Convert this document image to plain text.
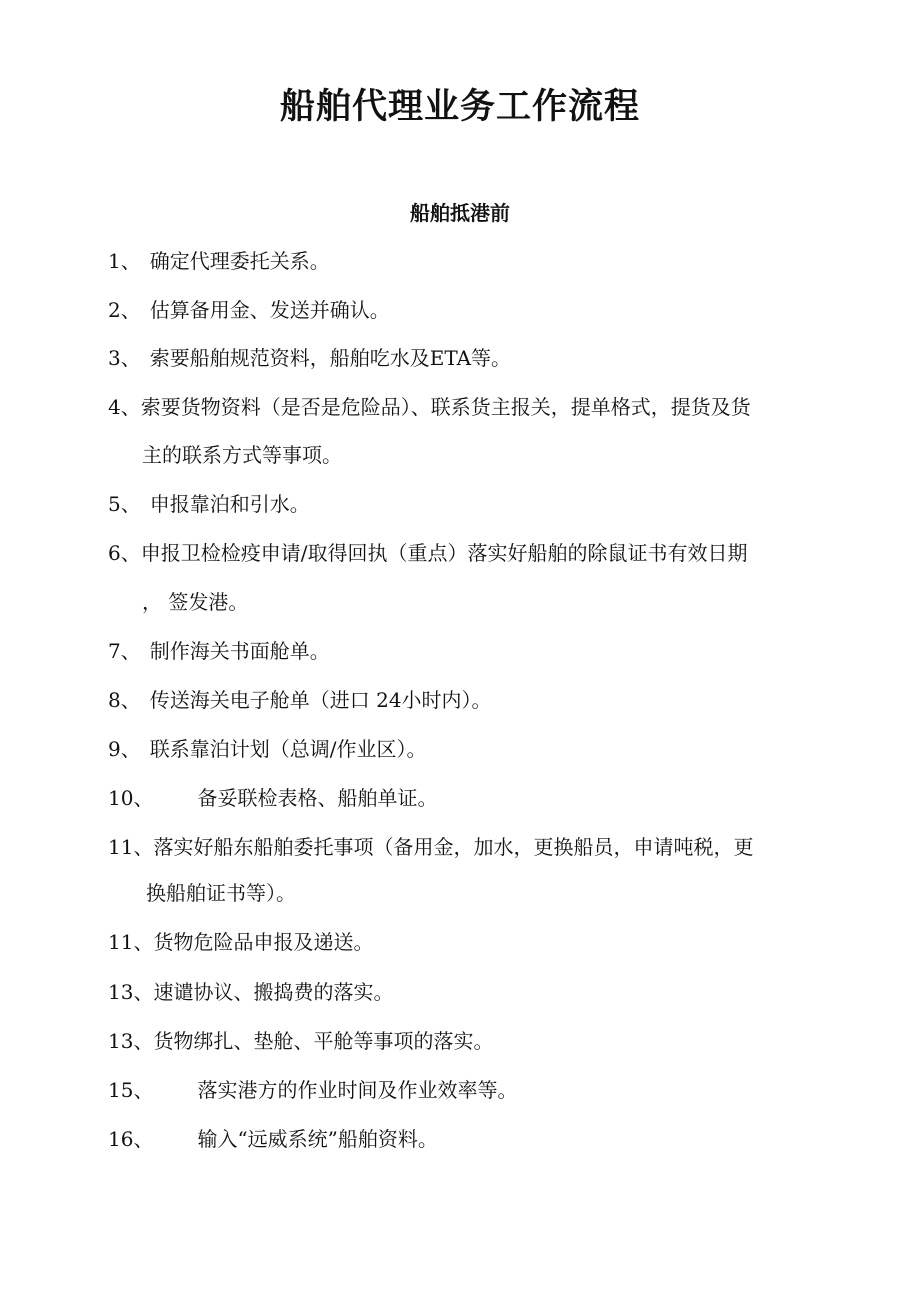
船舶代理业务工作流程
船舶抵港前
1、 确定代理委托关系。
2、 估算备用金、发送并确认。
3、 索要船舶规范资料，船舶吃水及ETA等。
4、索要货物资料（是否是危险品）、联系货主报关，提单格式，提货及货
主的联系方式等事项。
5、 申报靠泊和引水。
6、申报卫检检疫申请/取得回执（重点）落实好船舶的除鼠证书有效日期
， 签发港。
7、 制作海关书面舱单。
8、 传送海关电子舱单（进口 24小时内）。
9、 联系靠泊计划（总调/作业区）。
10、 备妥联检表格、船舶单证。
11、落实好船东船舶委托事项（备用金，加水，更换船员，申请吨税，更
换船舶证书等）。
11、货物危险品申报及递送。
13、速谴协议、搬捣费的落实。
13、货物绑扎、垫舱、平舱等事项的落实。
15、 落实港方的作业时间及作业效率等。
16、 输入“远威系统”船舶资料。
